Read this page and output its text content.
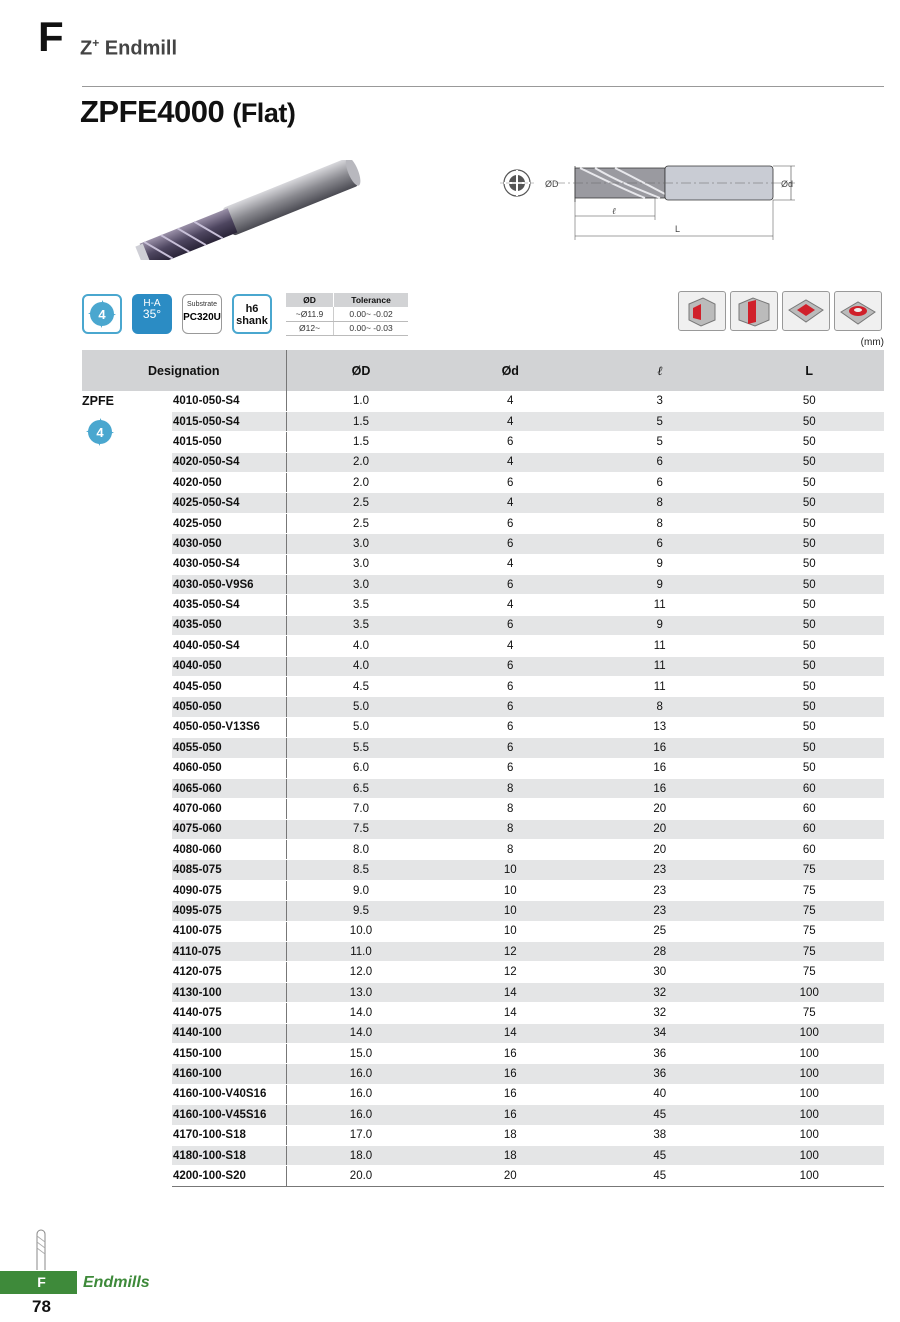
F Z+ Endmill
ZPFE4000 (Flat)
ØD	Ød
ℓ
L
4
H-A
35°
Substrate
PC320U
h6
shank
ØD	Tolerance
~Ø11.9	0.00~ -0.02
Ø12~	0.00~ -0.03
(mm)
Designation		ØD	Ød	ℓ	L

ZPFE
4	4010-050-S4	1.0	4	3	50
	4015-050-S4	1.5	4	5	50
	4015-050	1.5	6	5	50
	4020-050-S4	2.0	4	6	50
	4020-050	2.0	6	6	50
	4025-050-S4	2.5	4	8	50
	4025-050	2.5	6	8	50
	4030-050	3.0	6	6	50
	4030-050-S4	3.0	4	9	50
	4030-050-V9S6	3.0	6	9	50
	4035-050-S4	3.5	4	11	50
	4035-050	3.5	6	9	50
	4040-050-S4	4.0	4	11	50
	4040-050	4.0	6	11	50
	4045-050	4.5	6	11	50
	4050-050	5.0	6	8	50
	4050-050-V13S6	5.0	6	13	50
	4055-050	5.5	6	16	50
	4060-050	6.0	6	16	50
	4065-060	6.5	8	16	60
	4070-060	7.0	8	20	60
	4075-060	7.5	8	20	60
	4080-060	8.0	8	20	60
	4085-075	8.5	10	23	75
	4090-075	9.0	10	23	75
	4095-075	9.5	10	23	75
	4100-075	10.0	10	25	75
	4110-075	11.0	12	28	75
	4120-075	12.0	12	30	75
	4130-100	13.0	14	32	100
	4140-075	14.0	14	32	75
	4140-100	14.0	14	34	100
	4150-100	15.0	16	36	100
	4160-100	16.0	16	36	100
	4160-100-V40S16	16.0	16	40	100
	4160-100-V45S16	16.0	16	45	100
	4170-100-S18	17.0	18	38	100
	4180-100-S18	18.0	18	45	100
	4200-100-S20	20.0	20	45	100
F	Endmills
78
